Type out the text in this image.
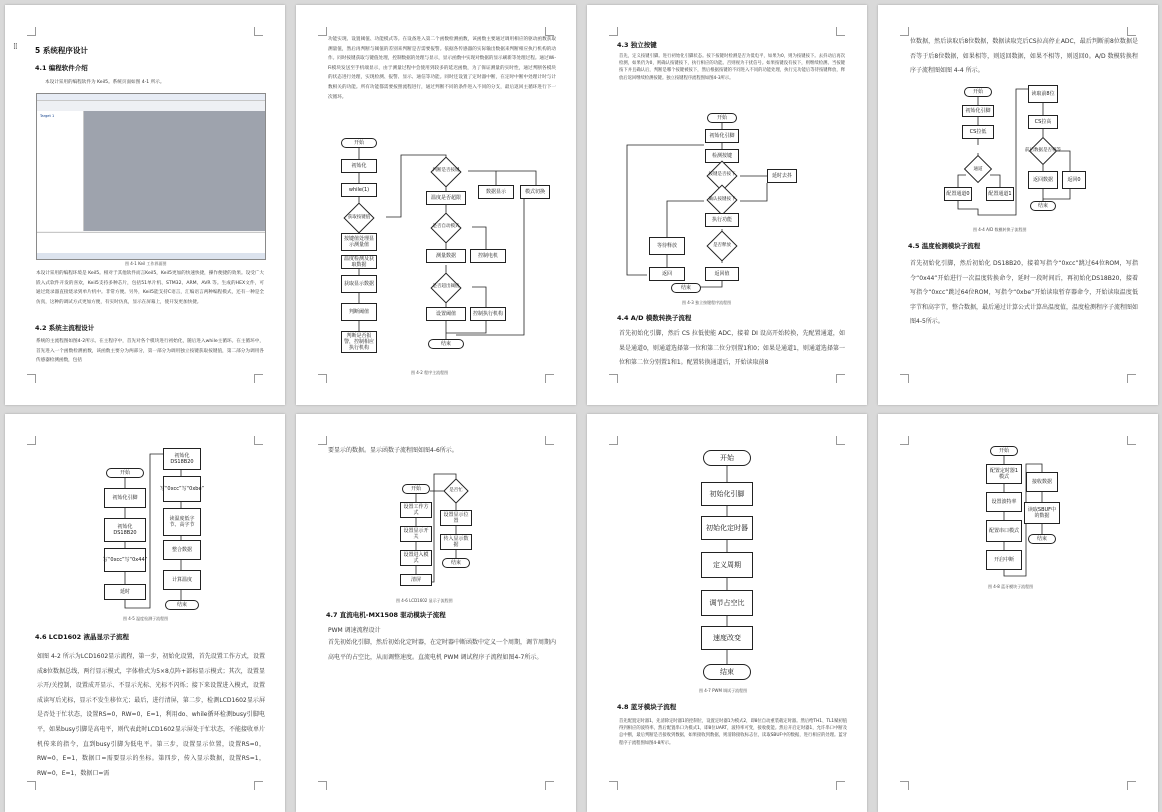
⁞⁞ 5 系统程序设计
4.1 编程软件介绍
本设计采用的编程软件为 Keil5。系统页面如图 4-1 所示。
Target 1
图 4-1 Keil 工作界面图
本设计采用的编程环境是 Keil5。相对于其他软件而言Keil5，Keil5更加的快速快捷，操作便捷的效果。设受广大嵌入式软件开发的喜欢，Keil5支持多种芯片，包括51单片机、STM32、ARM、AVR 等。生成的HEX文件，可通过烧录器直接烧录到单片机中。非常方便。另外，Keil5能支持C语言，汇编语言两种编程模式，还有一种是全仿真，这种的调试方式更加方便，有实时仿真，显示在屏幕上，使开发更加快捷。
4.2 系统主流程设计
系统的主流程图如图4-2所示。在主程序中，首先对各个模块进行初始化，随后进入while主循环。在主循环中，首先进入一个函数检测函数，该函数主要分为两部分，第一部分为调用独立按键获取按键值，第二部分为调用各传感器检测函数，包括
功能实现、设置阈值、功能模式等。在设备进入第二个函数检测函数，该函数主要通过调用相应的驱动函数获取测量值，然后再判断与阈值的差别来判断是否需要报警。依据各传感器的实际输出数据来判断相应执行机构的动作。同时按键获取与键值处理，控制数据的处理与显示，显示函数中实现对数据的显示刷新等处理过程。通过Wi-Fi模块发送至手机端显示，由于测量过程中会使用到较多的延迟函数，为了保证测量的实时性，通过判断各模块的状态进行处理，实现检测、报警、显示、通信等功能。同时还设置了定时器中断，在定时中断中处理计时与计数相关的功能。所有功能都需要按照流程进行，通过判断不同的条件进入不同的分支，最后返回主循环进行下一次循环。
开始
初始化
while(1)
获取按键值
按键值处理显示测量值
温度检测及获取数据
获取显示数据
判断阈值
判断是否报警，控制相应执行机构
判断是否按键
温度是否超限
数据显示	模式切换
是否自动模式
测量数据	控制电机
是否超出阈值
设置阈值	控制执行机构
结束
图 4-2 程序主流程图
4.3 独立按键
首先，定义按键引脚。进行初始化引脚状态。按下按键时检测是否为低电平，如果为0，则为按键按下。去抖动后再次检测，如果仍为0，则确认按键按下，执行相应的功能。否则视为干扰信号。如果按键没有按下，则继续检测。当按键按下并且确认后，判断是哪个按键被按下，然后根据按键的不同进入不同的功能处理，执行完功能后等待按键释放，释放后返回继续检测按键。独立按键程序流程图如图4-3所示。
开始
初始化引脚
检测按键
按键是否按下	延时去抖
确认按键按下
执行功能
等待释放	是否释放
返回	返回值
结束
图 4-3 独立按键程序流程图
4.4 A/D 模数转换子流程
首先初始化引脚，然后 CS 拉低使能 ADC，接着 DI 设高开始转换，先配置通道，如果是通道0，则通道选择第一位和第二位分别置1和0；如果是通道1，则通道选择第一位和第二位分别置1和1。配置转换通道后，开始读取前8
位数据，然后读取后8位数据，数据读取完后CS拉高停止ADC，最后判断前8位数据是否等于后8位数据，如果相等，则返回数据，如果不相等，则返回0。A/D 数模转换程序子流程图如图 4-4 所示。
开始
初始化引脚
CS拉低
通道
配置通道0	配置通道1
读取前8位
CS拉高
前后数据是否相等
返回数据	返回0
结束
图 4-4 A/D 数模转换子流程图
4.5 温度检测模块子流程
首先初始化引脚，然后初始化 DS18B20，接着写指令“0xcc”跳过64位ROM，写指令“0x44”开始进行一次温度转换命令，延时一段时间后，再初始化DS18B20，接着写指令“0xcc”跳过64位ROM，写指令“0xbe”开始读取暂存器命令，开始读取温度低字节和高字节，整合数据，最后通过计算公式计算出温度值，温度检测程序子流程图如图4-5所示。
开始
初始化引脚
初始化DS18B20
写“0xcc”写“0x44”
延时
初始化DS18B20
写“0xcc”写“0xbe”
读温度低字节、高字节
整合数据
计算温度
结束
图 4-5 温度检测子流程图
4.6 LCD1602 液晶显示子流程
如图 4-2 所示为LCD1602显示流程，第一步，初始化设置，首先设置工作方式，设置成8位数据总线，两行显示模式，字体格式为5×8点阵+部标显示模式；其次，设置显示开/关控制，设置成开显示、不显示光标、光标不闪烁；接下来设置进入模式，设置成读写后光标，显示不发生移位元；最后，进行清屏，第二步，检测LCD1602显示屏是否处于忙状态，设置RS=0，RW=0，E=1，利用do、while循环检测busy引脚电平，如果busy引脚是高电平，则代表此时LCD1602显示屏处于忙状态，不能接收单片机传来的指令，直到busy引脚为低电平。第三步，设置显示位置，设置RS=0，RW=0，E=1，数据口=需要显示的坐标。第四步，传入显示数据，设置RS=1，RW=0，E=1，数据口=需
要显示的数据。显示函数子流程图如图4-6所示。
开始
设置工作方式
设置显示开关
设置进入模式
清屏
是否忙
设置显示位置
传入显示数据
结束
图 4-6 LCD1602 显示子流程图
4.7 直流电机-MX1508 驱动模块子流程
PWM 调速流程设计
首先初始化引脚，然后初始化定时器，在定时器中断函数中定义一个周期，调节周期内高电平的占空比，从而调整速度。直流电机 PWM 调试程序子流程如图4-7所示。
开始
初始化引脚
初始化定时器
定义周期
调节占空比
速度改变
结束
图 4-7 PWM 调试子流程图
4.8 蓝牙模块子流程
首先配置定时器1，先清除定时器1的控制位，设置定时器1为模式2，即8位自动重装载定时器。然后给TH1、TL1赋初值得到相应的波特率，然后配置串口为模式1，即8位UART，波特率可变，接收使能。然后开启定时器1，允许串口中断及总中断，最后判断是否接收到数据，如果接收到数据，则清除接收标志位，读取SBUF中的数据，进行相应的处理。蓝牙程序子流程图如图4-8所示。
开始
配置定时器1模式
设置波特率
配置串口模式
开启中断
接收数据
读取SBUF中的数据
结束
图 4-8 蓝牙模块子流程图
